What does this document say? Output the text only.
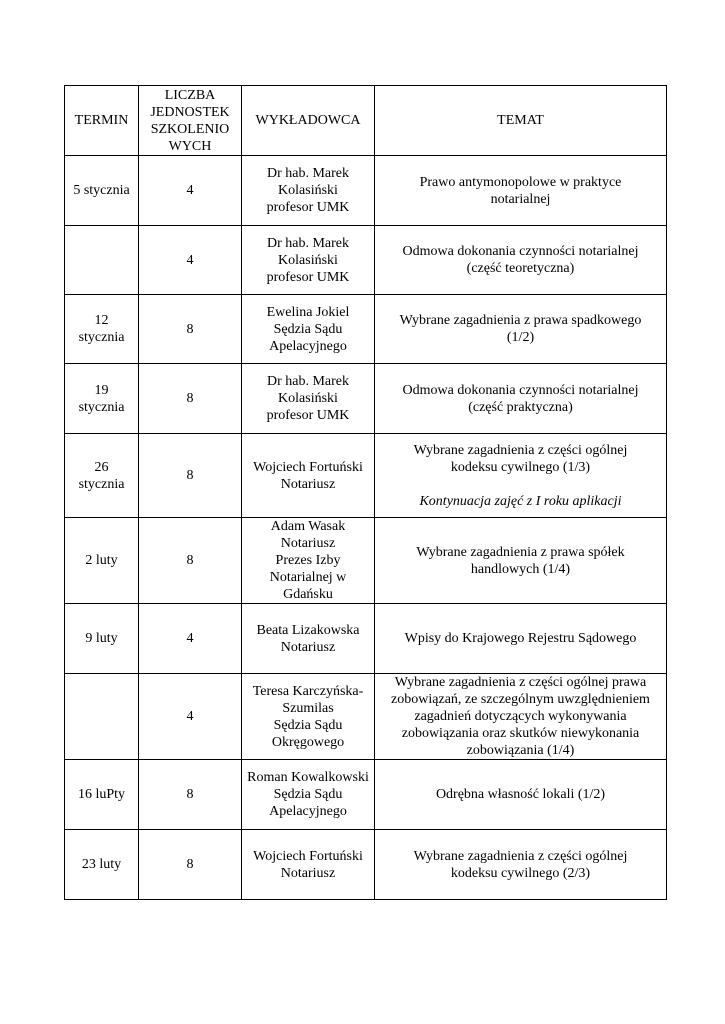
TERMIN	LICZBA
JEDNOSTEK
SZKOLENIO
WYCH	WYKŁADOWCA	TEMAT

5 stycznia	4	Dr hab. Marek
Kolasiński
profesor UMK	Prawo antymonopolowe w praktyce
notarialnej

	4	Dr hab. Marek
Kolasiński
profesor UMK	Odmowa dokonania czynności notarialnej
(część teoretyczna)

12
stycznia	8	Ewelina Jokiel
Sędzia Sądu
Apelacyjnego	Wybrane zagadnienia z prawa spadkowego
(1/2)

19
stycznia	8	Dr hab. Marek
Kolasiński
profesor UMK	Odmowa dokonania czynności notarialnej
(część praktyczna)

26
stycznia	8	Wojciech Fortuński
Notariusz	Wybrane zagadnienia z części ogólnej
kodeksu cywilnego (1/3)
Kontynuacja zajęć z I roku aplikacji

2 luty	8	Adam Wasak
Notariusz
Prezes Izby
Notarialnej w
Gdańsku	Wybrane zagadnienia z prawa spółek
handlowych (1/4)

9 luty	4	Beata Lizakowska
Notariusz	Wpisy do Krajowego Rejestru Sądowego

	4	Teresa Karczyńska-
Szumilas
Sędzia Sądu
Okręgowego	Wybrane zagadnienia z części ogólnej prawa
zobowiązań, ze szczególnym uwzględnieniem
zagadnień dotyczących wykonywania
zobowiązania oraz skutków niewykonania
zobowiązania (1/4)

16 luPty	8	Roman Kowalkowski
Sędzia Sądu
Apelacyjnego	Odrębna własność lokali (1/2)

23 luty	8	Wojciech Fortuński
Notariusz	Wybrane zagadnienia z części ogólnej
kodeksu cywilnego (2/3)
